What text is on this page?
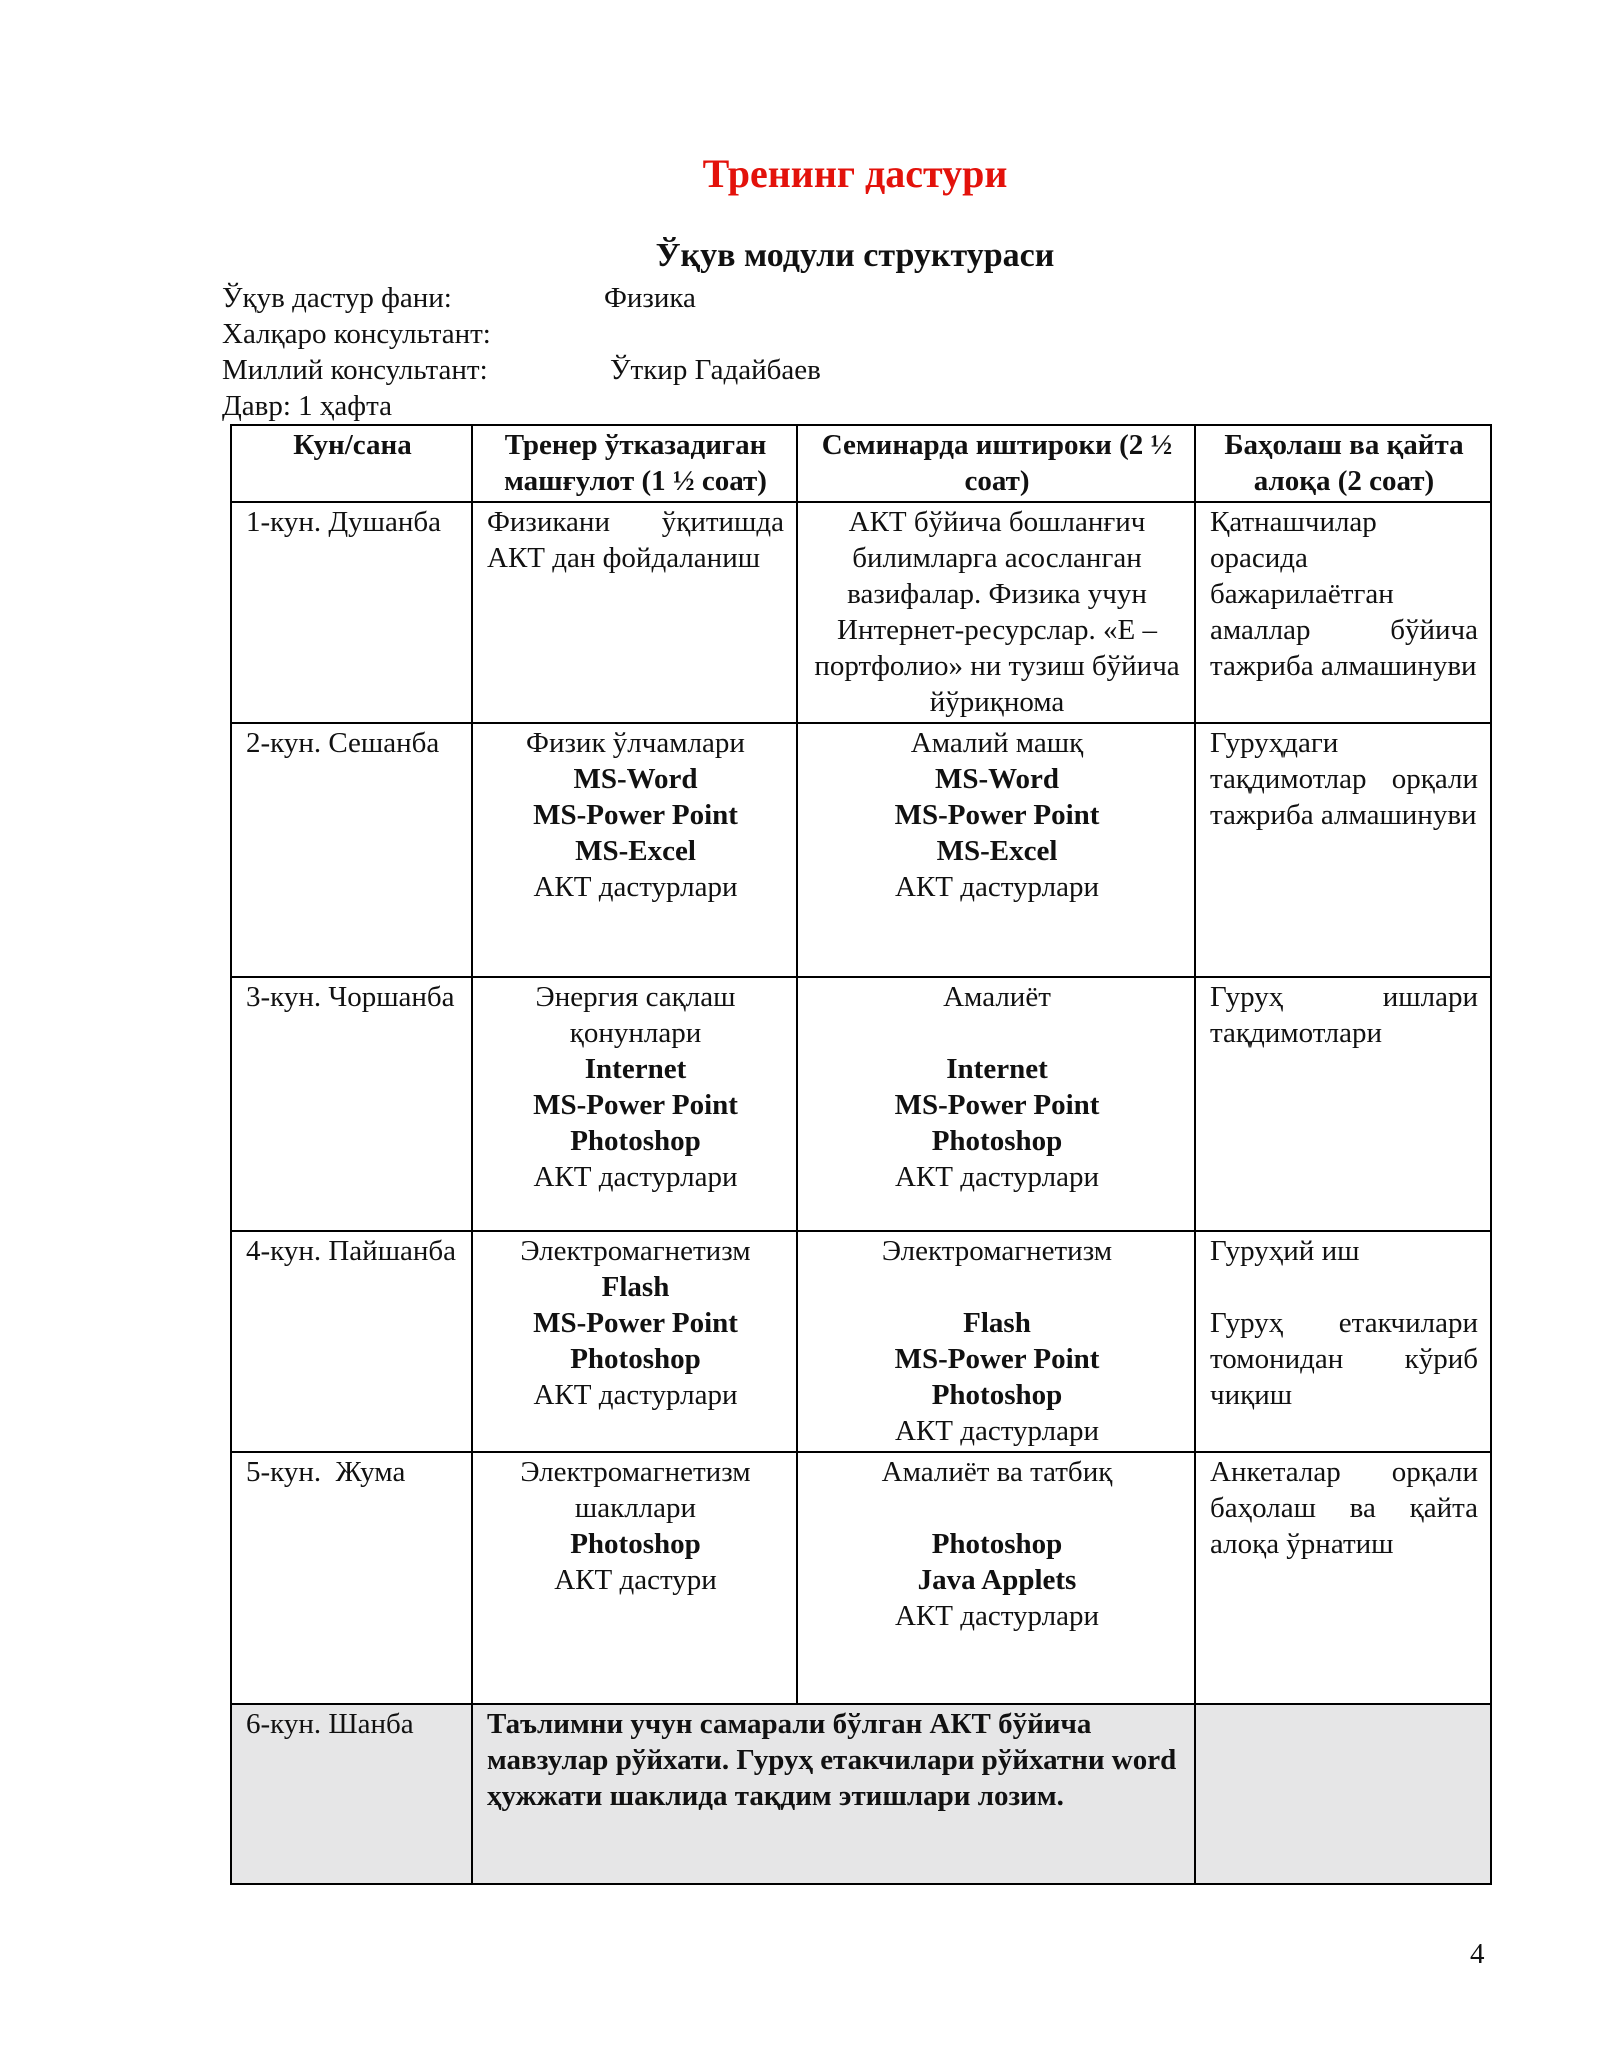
Тренинг дастури
Ўқув модули структураси
Ўқув дастур фани:	Физика
Халқаро консультант:
Миллий консультант:	Ўткир Гадайбаев
Давр: 1 ҳафта
Кун/сана	Тренер ўтказадиган машғулот (1 ½ соат)	Семинарда иштироки (2 ½ соат)	Баҳолаш ва қайта алоқа (2 соат)
1-кун. Душанба	Физикани ўқитишда АКТ дан фойдаланиш	АКТ бўйича бошланғич билимларга асосланган вазифалар. Физика учун Интернет-ресурслар. «Е – портфолио» ни тузиш бўйича йўриқнома	Қатнашчилар орасида бажарилаётган амаллар бўйича тажриба алмашинуви
2-кун. Сешанба	Физик ўлчамлари
MS-Word
MS-Power Point
MS-Excel
АКТ дастурлари	Амалий машқ
MS-Word
MS-Power Point
MS-Excel
АКТ дастурлари	Гуруҳдаги тақдимотлар орқали тажриба алмашинуви
3-кун. Чоршанба	Энергия сақлаш қонунлари
Internet
MS-Power Point
Photoshop
АКТ дастурлари	Амалиёт
Internet
MS-Power Point
Photoshop
АКТ дастурлари	Гуруҳ ишлари тақдимотлари
4-кун. Пайшанба	Электромагнетизм
Flash
MS-Power Point
Photoshop
АКТ дастурлари	Электромагнетизм
Flash
MS-Power Point
Photoshop
АКТ дастурлари	Гуруҳий иш
Гуруҳ етакчилари томонидан кўриб чиқиш
5-кун.  Жума	Электромагнетизм шакллари
Photoshop
АКТ дастури	Амалиёт ва татбиқ
Photoshop
Java Applets
АКТ дастурлари	Анкеталар орқали баҳолаш ва қайта алоқа ўрнатиш
6-кун. Шанба	Таълимни учун самарали бўлган АКТ бўйича мавзулар рўйхати. Гуруҳ етакчилари рўйхатни word ҳужжати шаклида тақдим этишлари лозим.		
4
